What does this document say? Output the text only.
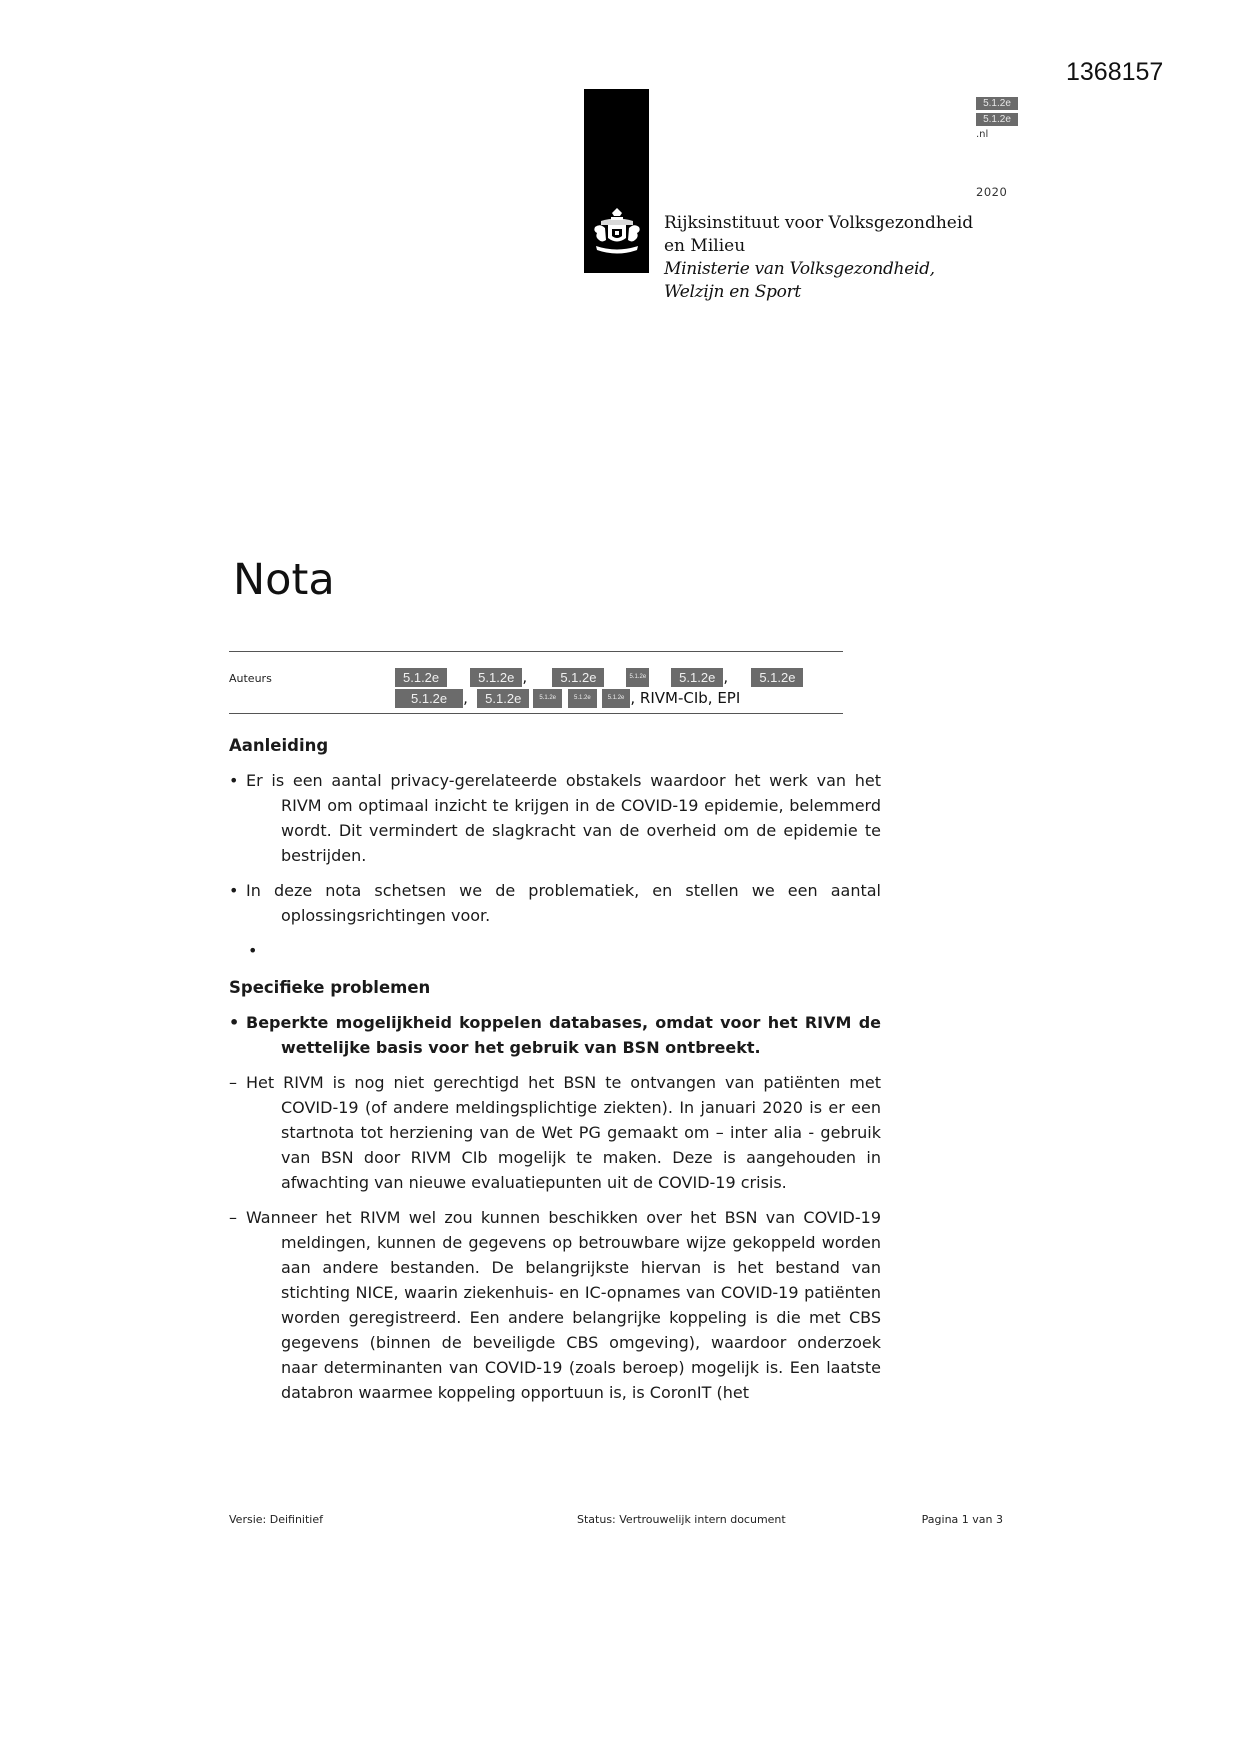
1368157
Rijksinstituut voor Volksgezondheid
en Milieu
Ministerie van Volksgezondheid,
Welzijn en Sport
5.1.2e
5.1.2e
.nl
2020
Nota
Auteurs	5.1.2e	5.1.2e ,	5.1.2e	5.1.2e	5.1.2e , 5.1.2e
5.1.2e , 5.1.2e	5.1.2e	5.1.2e	5.1.2e , RIVM-CIb, EPI
Aanleiding

• Er is een aantal privacy-gerelateerde obstakels waardoor het werk van het RIVM om optimaal inzicht te krijgen in de COVID-19 epidemie, belemmerd wordt. Dit vermindert de slagkracht van de overheid om de epidemie te bestrijden.

• In deze nota schetsen we de problematiek, en stellen we een aantal oplossingsrichtingen voor.

•

Specifieke problemen

• Beperkte mogelijkheid koppelen databases, omdat voor het RIVM de wettelijke basis voor het gebruik van BSN ontbreekt.

– Het RIVM is nog niet gerechtigd het BSN te ontvangen van patiënten met COVID-19 (of andere meldingsplichtige ziekten). In januari 2020 is er een startnota tot herziening van de Wet PG gemaakt om – inter alia - gebruik van BSN door RIVM CIb mogelijk te maken. Deze is aangehouden in afwachting van nieuwe evaluatiepunten uit de COVID-19 crisis.

– Wanneer het RIVM wel zou kunnen beschikken over het BSN van COVID-19 meldingen, kunnen de gegevens op betrouwbare wijze gekoppeld worden aan andere bestanden. De belangrijkste hiervan is het bestand van stichting NICE, waarin ziekenhuis- en IC-opnames van COVID-19 patiënten worden geregistreerd. Een andere belangrijke koppeling is die met CBS gegevens (binnen de beveiligde CBS omgeving), waardoor onderzoek naar determinanten van COVID-19 (zoals beroep) mogelijk is. Een laatste databron waarmee koppeling opportuun is, is CoronIT (het

Versie: Deifinitief	Status: Vertrouwelijk intern document	Pagina 1 van 3
